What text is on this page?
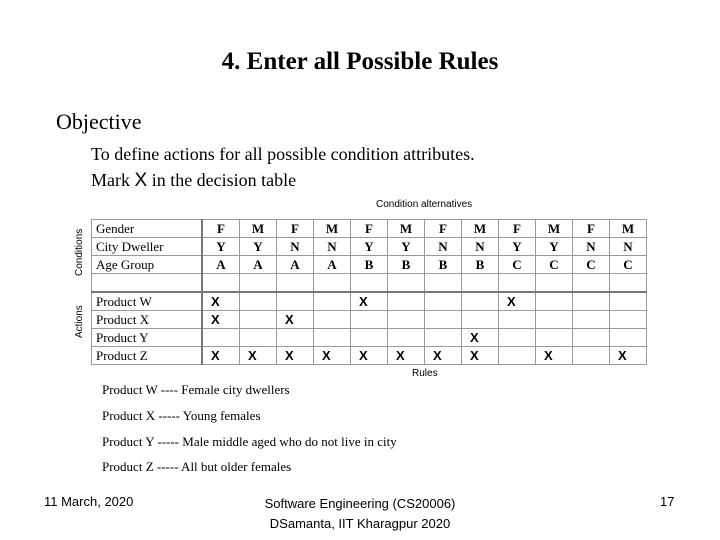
4. Enter all Possible Rules
Objective
To define actions for all possible condition attributes.
Mark X in the decision table
Condition alternatives
Conditions
Actions
Gender	F	M	F	M	F	M	F	M	F	M	F	M
City Dweller	Y	Y	N	N	Y	Y	N	N	Y	Y	N	N
Age Group	A	A	A	A	B	B	B	B	C	C	C	C

Product W	X				X				X			
Product X	X		X									
Product Y								X				
Product Z	X	X	X	X	X	X	X	X		X		X
Rules
Product W ---- Female city dwellers
Product X ----- Young females
Product Y ----- Male middle aged who do not live in city
Product Z ----- All but older females
11 March, 2020	Software Engineering (CS20006)
DSamanta, IIT Kharagpur 2020
17
